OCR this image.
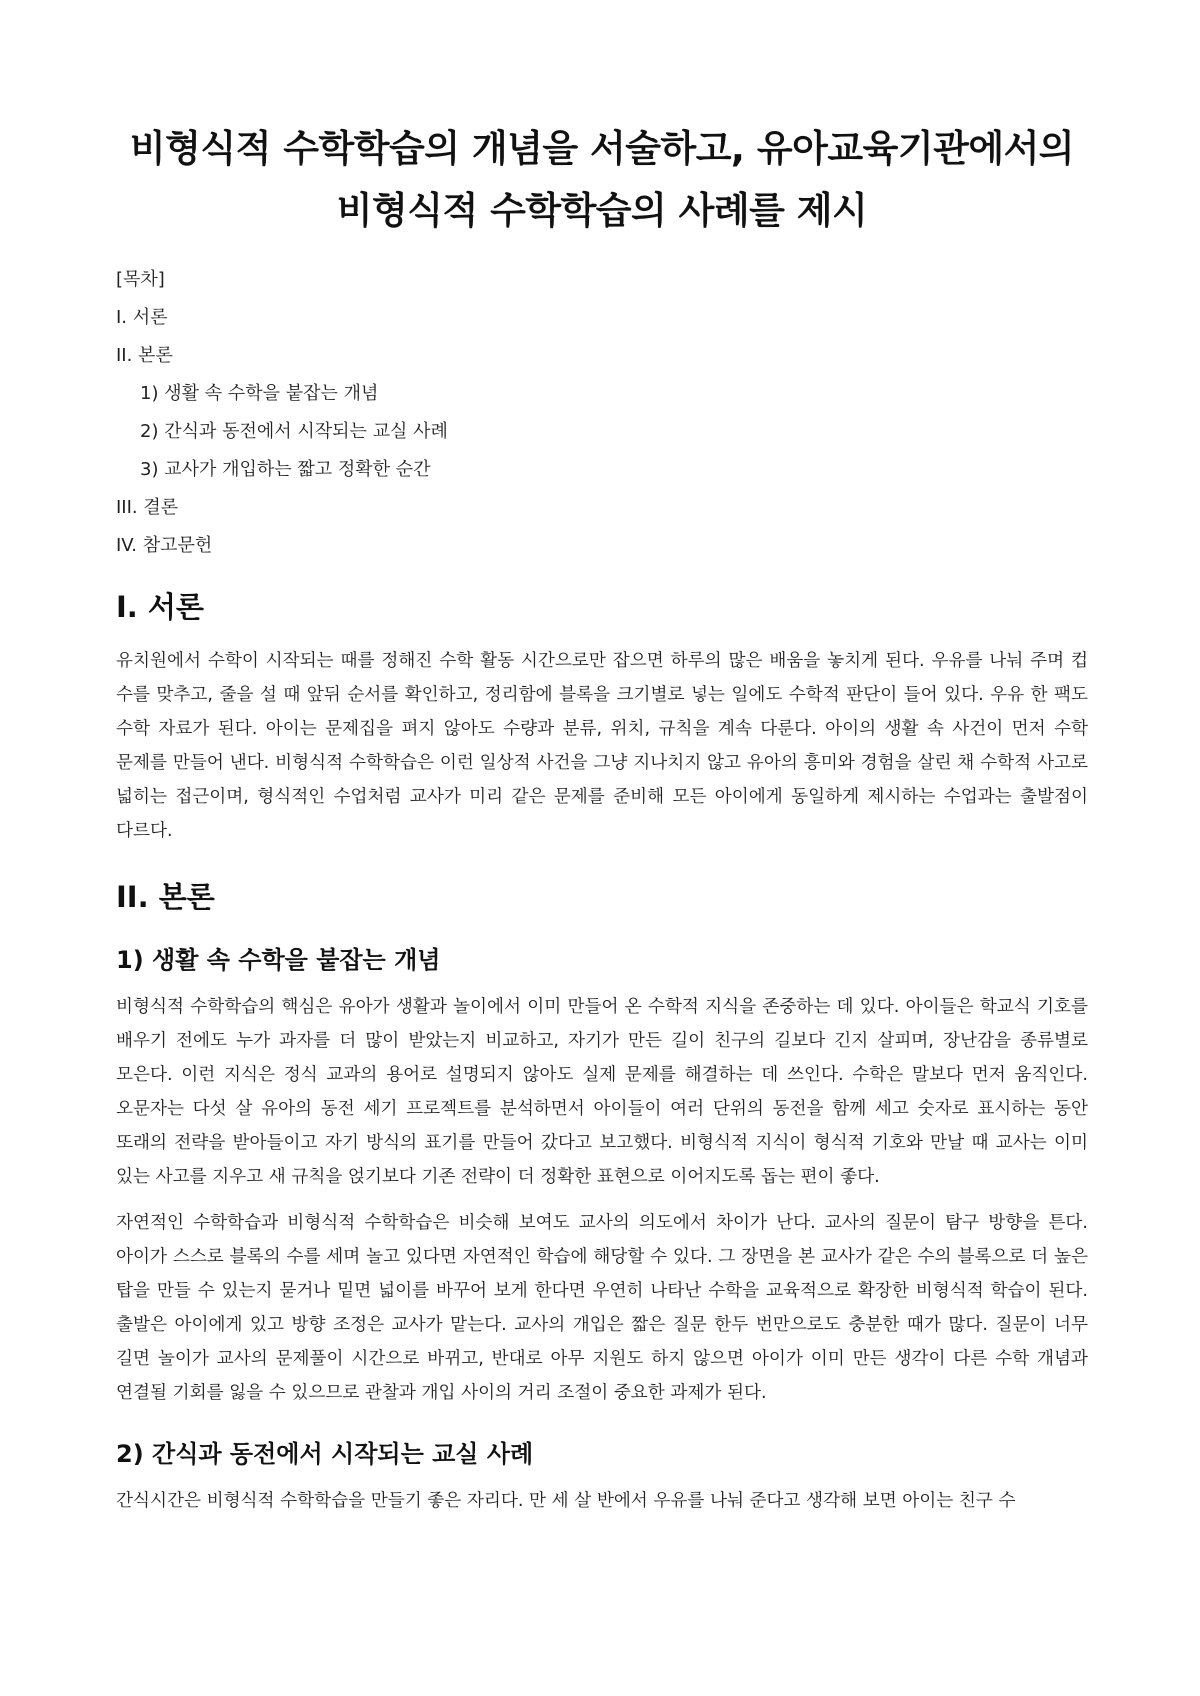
비형식적 수학학습의 개념을 서술하고, 유아교육기관에서의 비형식적 수학학습의 사례를 제시
[목차]
I. 서론
II. 본론
1) 생활 속 수학을 붙잡는 개념
2) 간식과 동전에서 시작되는 교실 사례
3) 교사가 개입하는 짧고 정확한 순간
III. 결론
IV. 참고문헌
I. 서론

유치원에서 수학이 시작되는 때를 정해진 수학 활동 시간으로만 잡으면 하루의 많은 배움을 놓치게 된다. 우유를 나눠 주며 컵 수를 맞추고, 줄을 설 때 앞뒤 순서를 확인하고, 정리함에 블록을 크기별로 넣는 일에도 수학적 판단이 들어 있다. 우유 한 팩도 수학 자료가 된다. 아이는 문제집을 펴지 않아도 수량과 분류, 위치, 규칙을 계속 다룬다. 아이의 생활 속 사건이 먼저 수학 문제를 만들어 낸다. 비형식적 수학학습은 이런 일상적 사건을 그냥 지나치지 않고 유아의 흥미와 경험을 살린 채 수학적 사고로 넓히는 접근이며, 형식적인 수업처럼 교사가 미리 같은 문제를 준비해 모든 아이에게 동일하게 제시하는 수업과는 출발점이 다르다.

II. 본론
1) 생활 속 수학을 붙잡는 개념

비형식적 수학학습의 핵심은 유아가 생활과 놀이에서 이미 만들어 온 수학적 지식을 존중하는 데 있다. 아이들은 학교식 기호를 배우기 전에도 누가 과자를 더 많이 받았는지 비교하고, 자기가 만든 길이 친구의 길보다 긴지 살피며, 장난감을 종류별로 모은다. 이런 지식은 정식 교과의 용어로 설명되지 않아도 실제 문제를 해결하는 데 쓰인다. 수학은 말보다 먼저 움직인다. 오문자는 다섯 살 유아의 동전 세기 프로젝트를 분석하면서 아이들이 여러 단위의 동전을 함께 세고 숫자로 표시하는 동안 또래의 전략을 받아들이고 자기 방식의 표기를 만들어 갔다고 보고했다. 비형식적 지식이 형식적 기호와 만날 때 교사는 이미 있는 사고를 지우고 새 규칙을 얹기보다 기존 전략이 더 정확한 표현으로 이어지도록 돕는 편이 좋다.

자연적인 수학학습과 비형식적 수학학습은 비슷해 보여도 교사의 의도에서 차이가 난다. 교사의 질문이 탐구 방향을 튼다. 아이가 스스로 블록의 수를 세며 놀고 있다면 자연적인 학습에 해당할 수 있다. 그 장면을 본 교사가 같은 수의 블록으로 더 높은 탑을 만들 수 있는지 묻거나 밑면 넓이를 바꾸어 보게 한다면 우연히 나타난 수학을 교육적으로 확장한 비형식적 학습이 된다. 출발은 아이에게 있고 방향 조정은 교사가 맡는다. 교사의 개입은 짧은 질문 한두 번만으로도 충분한 때가 많다. 질문이 너무 길면 놀이가 교사의 문제풀이 시간으로 바뀌고, 반대로 아무 지원도 하지 않으면 아이가 이미 만든 생각이 다른 수학 개념과 연결될 기회를 잃을 수 있으므로 관찰과 개입 사이의 거리 조절이 중요한 과제가 된다.

2) 간식과 동전에서 시작되는 교실 사례

간식시간은 비형식적 수학학습을 만들기 좋은 자리다. 만 세 살 반에서 우유를 나눠 준다고 생각해 보면 아이는 친구 수
